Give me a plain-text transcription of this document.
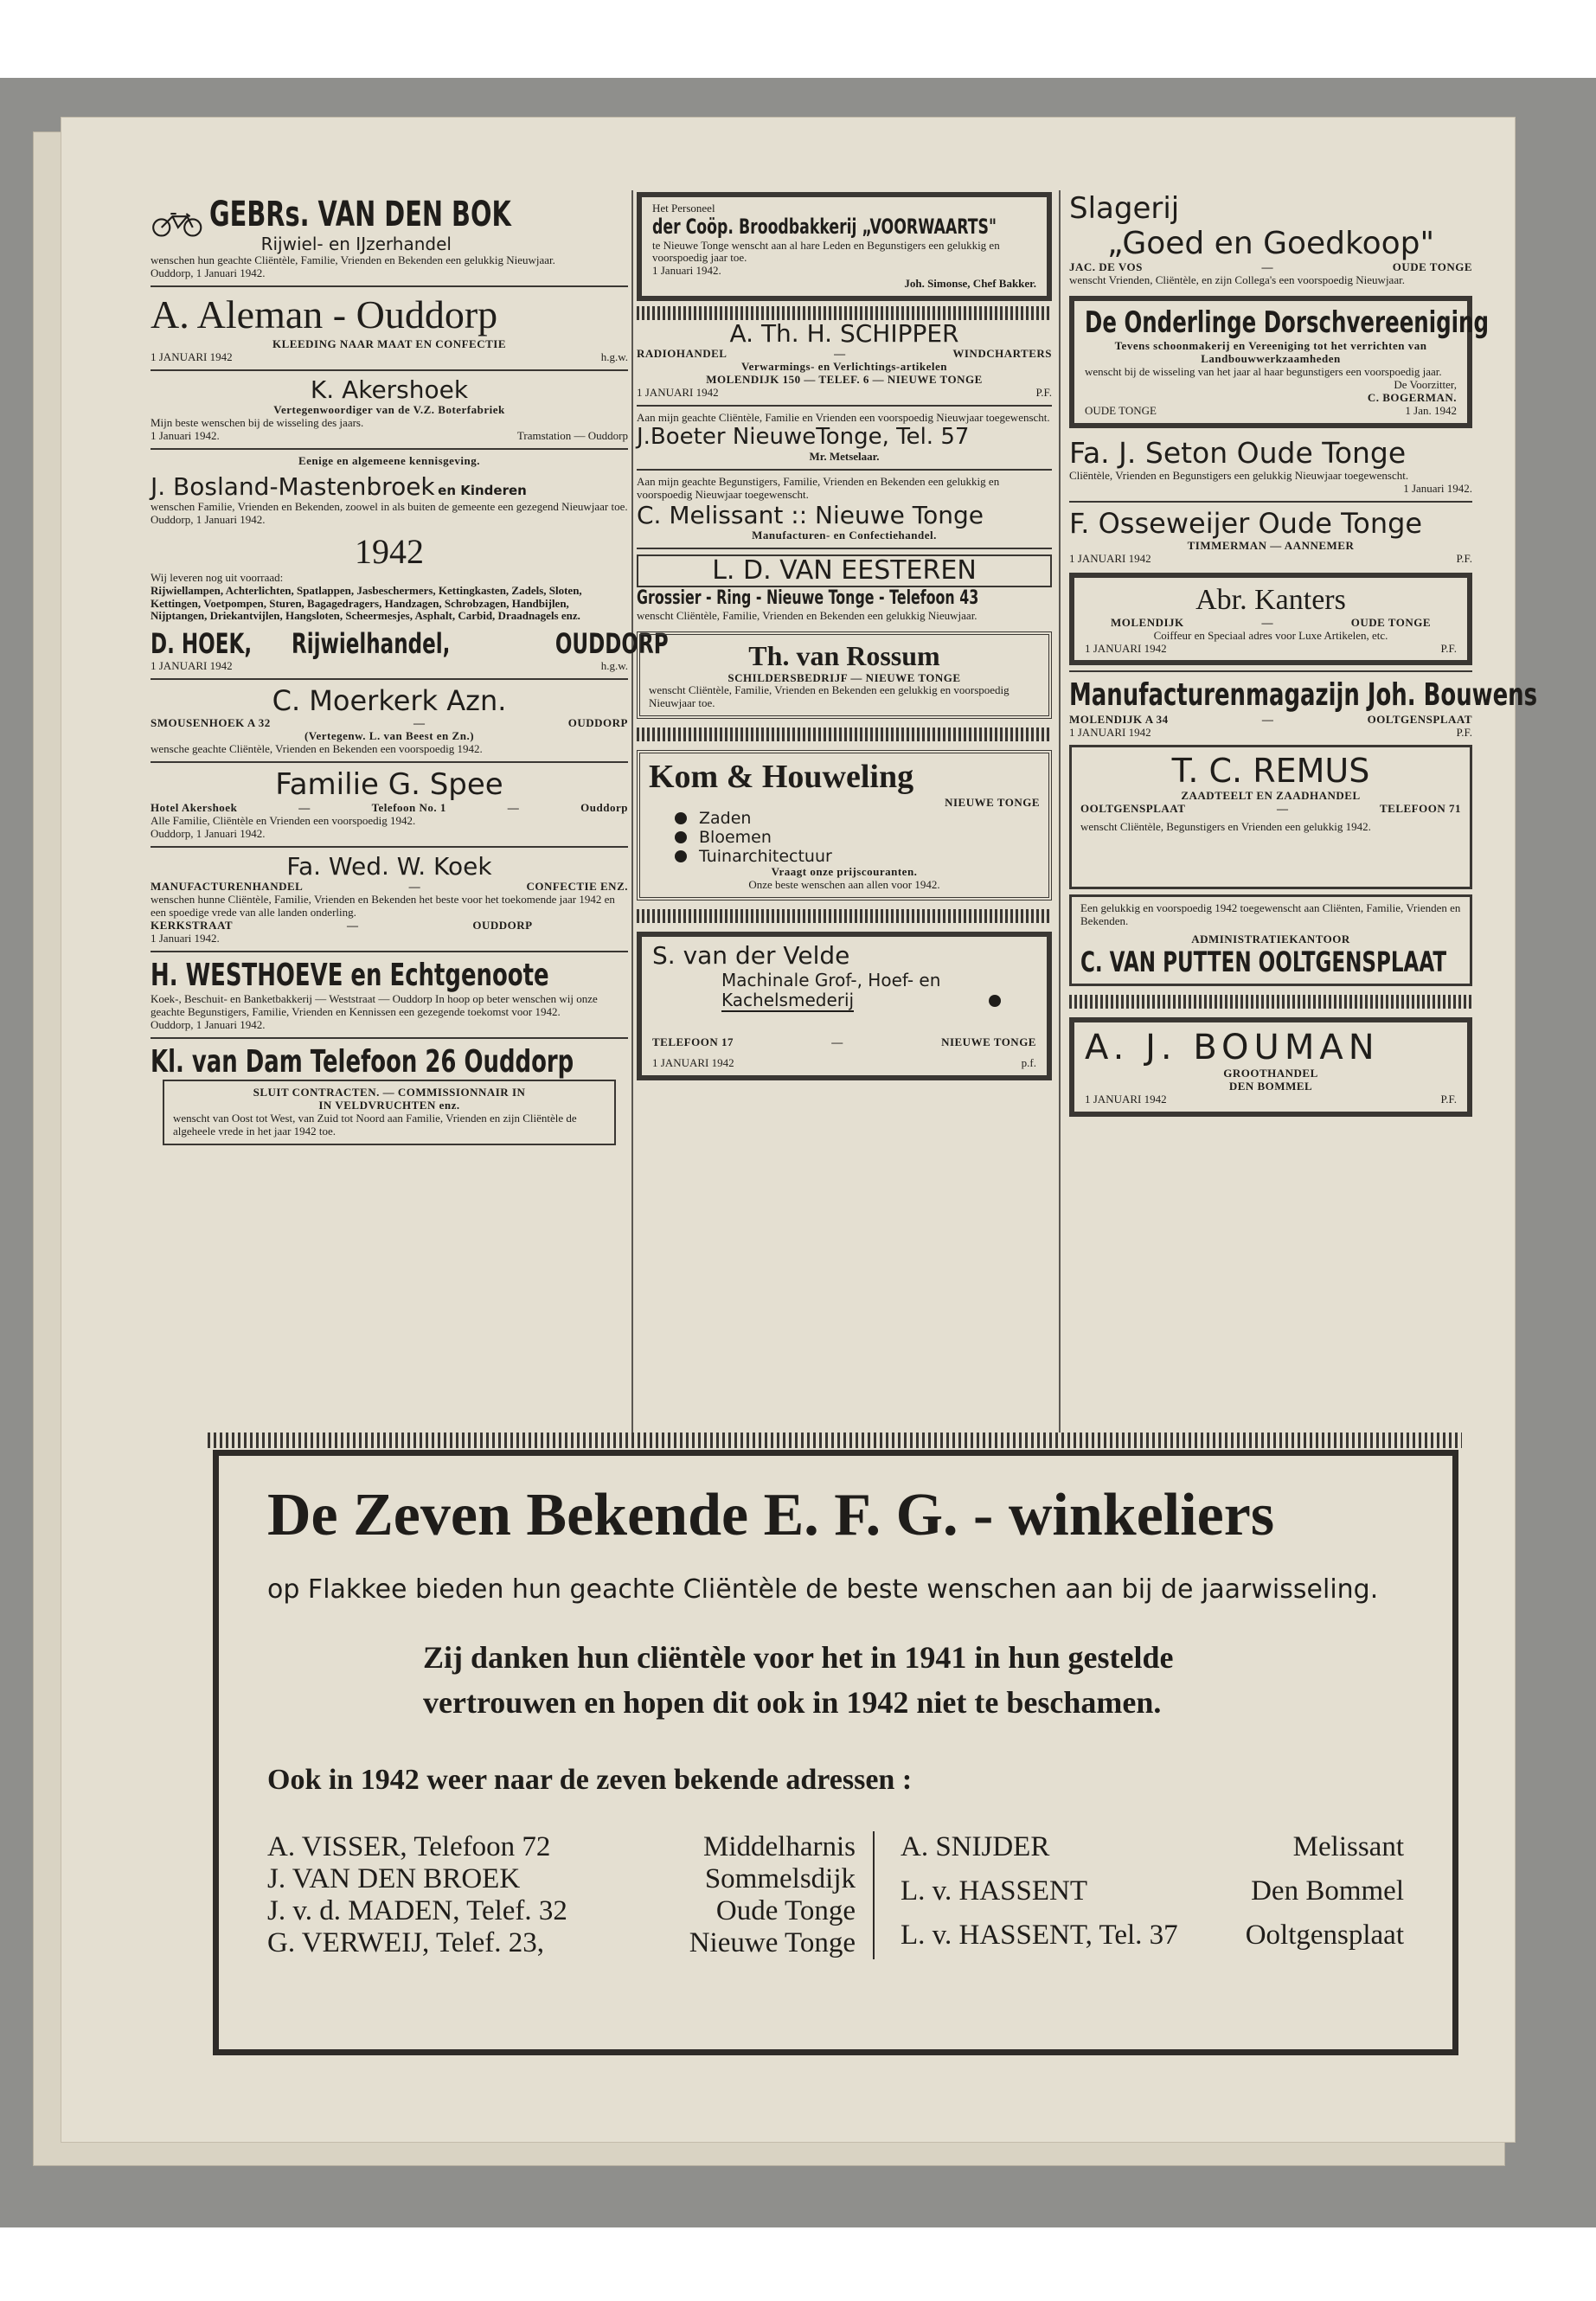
GEBRs. VAN DEN BOK
Rijwiel- en IJzerhandel
wenschen hun geachte Cliëntèle, Familie, Vrienden en Bekenden een gelukkig Nieuwjaar.
Ouddorp, 1 Januari 1942.
A. Aleman - Ouddorp
KLEEDING NAAR MAAT EN CONFECTIE
1 JANUARI 1942	h.g.w.
K. Akershoek
Vertegenwoordiger van de V.Z. Boterfabriek
Mijn beste wenschen bij de wisseling des jaars.
1 Januari 1942.	Tramstation — Ouddorp
Eenige en algemeene kennisgeving.
J. Bosland-Mastenbroek en Kinderen
wenschen Familie, Vrienden en Bekenden, zoowel in als buiten de gemeente een gezegend Nieuwjaar toe.
Ouddorp, 1 Januari 1942.
1942
Wij leveren nog uit voorraad:
Rijwiellampen, Achterlichten, Spatlappen, Jasbeschermers, Kettingkasten, Zadels, Sloten, Kettingen, Voetpompen, Sturen, Bagagedragers, Handzagen, Schrobzagen, Handbijlen, Nijptangen, Driekantvijlen, Hangsloten, Scheermesjes, Asphalt, Carbid, Draadnagels enz.
D. HOEK, Rijwielhandel,	OUDDORP
1 JANUARI 1942	h.g.w.
C. Moerkerk Azn.
SMOUSENHOEK A 32	—	OUDDORP
(Vertegenw. L. van Beest en Zn.)
wensche geachte Cliëntèle, Vrienden en Bekenden een voorspoedig 1942.
Familie G. Spee
Hotel Akershoek	—	Telefoon No. 1	—	Ouddorp
Alle Familie, Cliëntèle en Vrienden een voorspoedig 1942.
Ouddorp, 1 Januari 1942.
Fa. Wed. W. Koek
MANUFACTURENHANDEL	—	CONFECTIE ENZ.
wenschen hunne Cliëntèle, Familie, Vrienden en Bekenden het beste voor het toekomende jaar 1942 en een spoedige vrede van alle landen onderling.
KERKSTRAAT	—	OUDDORP
1 Januari 1942.
H. WESTHOEVE en Echtgenoote
Koek-, Beschuit- en Banketbakkerij — Weststraat — Ouddorp In hoop op beter wenschen wij onze geachte Begunstigers, Familie, Vrienden en Kennissen een gezegende toekomst voor 1942.
Ouddorp, 1 Januari 1942.
Kl. van Dam Telefoon 26 Ouddorp
SLUIT CONTRACTEN. — COMMISSIONNAIR IN
IN VELDVRUCHTEN enz.
wenscht van Oost tot West, van Zuid tot Noord aan Familie, Vrienden en zijn Cliëntèle de algeheele vrede in het jaar 1942 toe.
Het Personeel
der Coöp. Broodbakkerij „VOORWAARTS"
te Nieuwe Tonge wenscht aan al hare Leden en Begunstigers een gelukkig en voorspoedig jaar toe.
1 Januari 1942.
Joh. Simonse, Chef Bakker.
A. Th. H. SCHIPPER
RADIOHANDEL	—	WINDCHARTERS
Verwarmings- en Verlichtings-artikelen
MOLENDIJK 150 — TELEF. 6 — NIEUWE TONGE
1 JANUARI 1942	P.F.
Aan mijn geachte Cliëntèle, Familie en Vrienden een voorspoedig Nieuwjaar toegewenscht.
J.Boeter NieuweTonge, Tel. 57
Mr. Metselaar.
Aan mijn geachte Begunstigers, Familie, Vrienden en Bekenden een gelukkig en voorspoedig Nieuwjaar toegewenscht.
C. Melissant :: Nieuwe Tonge
Manufacturen- en Confectiehandel.
L. D. VAN EESTEREN
Grossier - Ring - Nieuwe Tonge - Telefoon 43
wenscht Cliëntèle, Familie, Vrienden en Bekenden een gelukkig Nieuwjaar.
Th. van Rossum
SCHILDERSBEDRIJF — NIEUWE TONGE
wenscht Cliëntèle, Familie, Vrienden en Bekenden een gelukkig en voorspoedig Nieuwjaar toe.
Kom & Houweling
NIEUWE TONGE
Zaden
Bloemen
Tuinarchitectuur
Vraagt onze prijscouranten.
Onze beste wenschen aan allen voor 1942.
S. van der Velde
Machinale Grof-, Hoef- en
Kachelsmederij
TELEFOON 17	—	NIEUWE TONGE
1 JANUARI 1942	p.f.
Slagerij
„Goed en Goedkoop"
JAC. DE VOS	—	OUDE TONGE
wenscht Vrienden, Cliëntèle, en zijn Collega's een voorspoedig Nieuwjaar.
De Onderlinge Dorschvereeniging
Tevens schoonmakerij en Vereeniging tot het verrichten van Landbouwwerkzaamheden
wenscht bij de wisseling van het jaar al haar begunstigers een voorspoedig jaar.
De Voorzitter,
C. BOGERMAN.
OUDE TONGE	1 Jan. 1942
Fa. J. Seton Oude Tonge
Cliëntèle, Vrienden en Begunstigers een gelukkig Nieuwjaar toegewenscht.
1 Januari 1942.
F. Osseweijer Oude Tonge
TIMMERMAN — AANNEMER
1 JANUARI 1942	P.F.
Abr. Kanters
MOLENDIJK	—	OUDE TONGE
Coiffeur en Speciaal adres voor Luxe Artikelen, etc.
1 JANUARI 1942	P.F.
Manufacturenmagazijn Joh. Bouwens
MOLENDIJK A 34	—	OOLTGENSPLAAT
1 JANUARI 1942	P.F.
T. C. REMUS
ZAADTEELT EN ZAADHANDEL
OOLTGENSPLAAT	—	TELEFOON 71
wenscht Cliëntèle, Begunstigers en Vrienden een gelukkig 1942.
Een gelukkig en voorspoedig 1942 toegewenscht aan Cliënten, Familie, Vrienden en Bekenden.
ADMINISTRATIEKANTOOR
C. VAN PUTTEN OOLTGENSPLAAT
A. J. BOUMAN
GROOTHANDEL
DEN BOMMEL
1 JANUARI 1942	P.F.
De Zeven Bekende E. F. G. - winkeliers
op Flakkee bieden hun geachte Cliëntèle de beste wenschen aan bij de jaarwisseling.
Zij danken hun cliëntèle voor het in 1941 in hun gestelde
vertrouwen en hopen dit ook in 1942 niet te beschamen.
Ook in 1942 weer naar de zeven bekende adressen :
A. VISSER, Telefoon 72	Middelharnis
J. VAN DEN BROEK	Sommelsdijk
J. v. d. MADEN, Telef. 32	Oude Tonge
G. VERWEIJ, Telef. 23,	Nieuwe Tonge
A. SNIJDER	Melissant
L. v. HASSENT	Den Bommel
L. v. HASSENT, Tel. 37 Ooltgensplaat
